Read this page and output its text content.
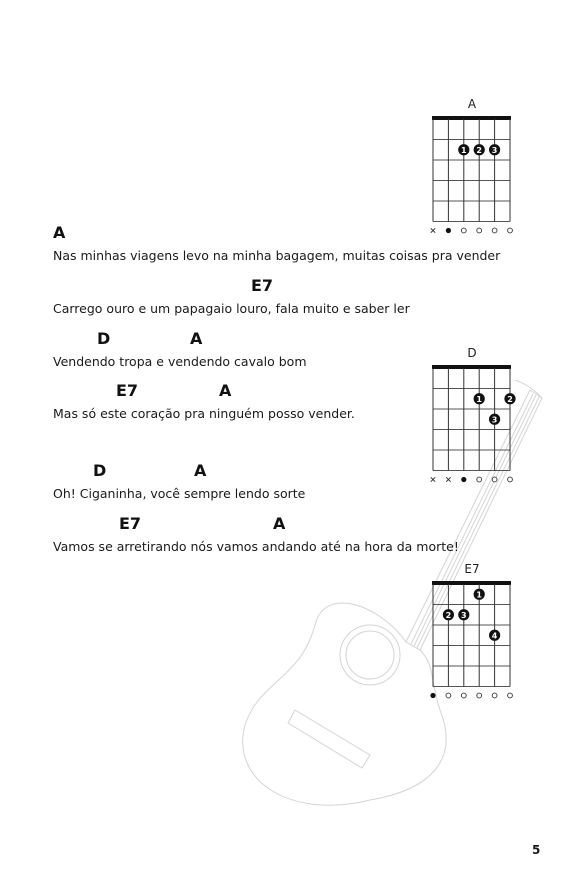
A
Nas minhas viagens levo na minha bagagem, muitas coisas pra vender
E7
Carrego ouro e um papagaio louro, fala muito e saber ler
D	A
Vendendo tropa e vendendo cavalo bom
E7	A
Mas só este coração pra ninguém posso vender.
D	A
Oh! Ciganinha, você sempre lendo sorte
E7	A
Vamos se arretirando nós vamos andando até na hora da morte!
A
1 2 3
D
1	2
3
E7
1
2 3
4
5
